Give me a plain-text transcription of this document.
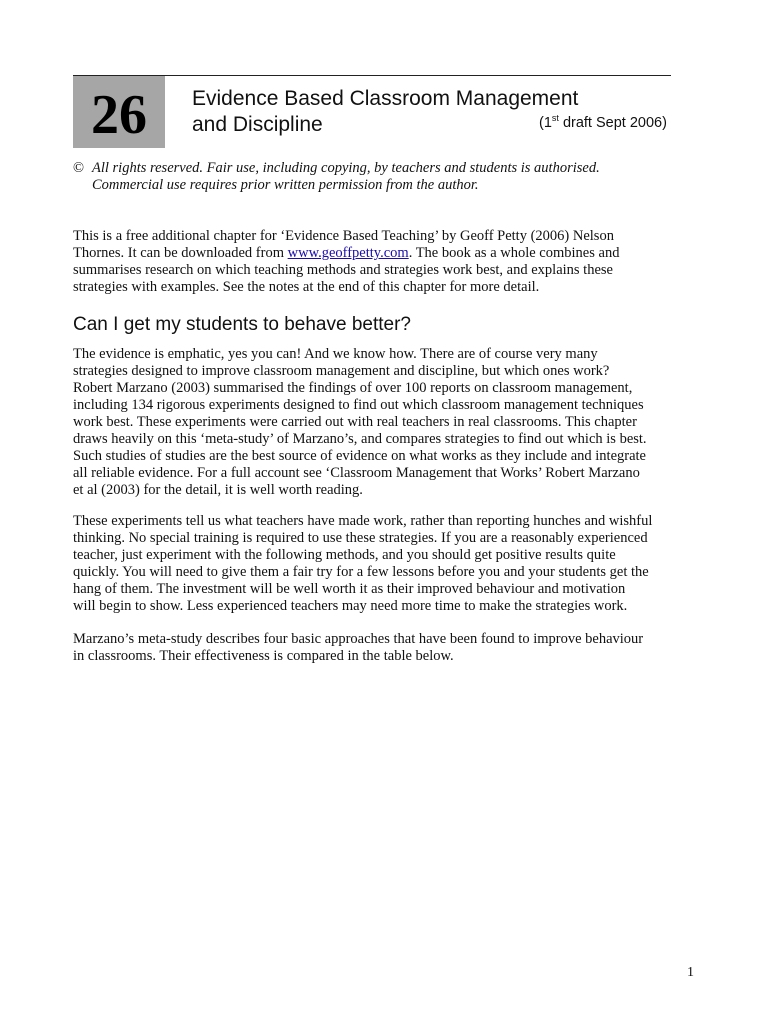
26 Evidence Based Classroom Management
and Discipline	(1st draft Sept 2006)
© All rights reserved. Fair use, including copying, by teachers and students is authorised.
Commercial use requires prior written permission from the author.
This is a free additional chapter for ‘Evidence Based Teaching’ by Geoff Petty (2006) Nelson
Thornes. It can be downloaded from www.geoffpetty.com. The book as a whole combines and
summarises research on which teaching methods and strategies work best, and explains these
strategies with examples. See the notes at the end of this chapter for more detail.
Can I get my students to behave better?
The evidence is emphatic, yes you can! And we know how. There are of course very many
strategies designed to improve classroom management and discipline, but which ones work?
Robert Marzano (2003) summarised the findings of over 100 reports on classroom management,
including 134 rigorous experiments designed to find out which classroom management techniques
work best. These experiments were carried out with real teachers in real classrooms. This chapter
draws heavily on this ‘meta-study’ of Marzano’s, and compares strategies to find out which is best.
Such studies of studies are the best source of evidence on what works as they include and integrate
all reliable evidence. For a full account see ‘Classroom Management that Works’ Robert Marzano
et al (2003) for the detail, it is well worth reading.
These experiments tell us what teachers have made work, rather than reporting hunches and wishful
thinking. No special training is required to use these strategies. If you are a reasonably experienced
teacher, just experiment with the following methods, and you should get positive results quite
quickly. You will need to give them a fair try for a few lessons before you and your students get the
hang of them. The investment will be well worth it as their improved behaviour and motivation
will begin to show. Less experienced teachers may need more time to make the strategies work.
Marzano’s meta-study describes four basic approaches that have been found to improve behaviour
in classrooms. Their effectiveness is compared in the table below.
1
